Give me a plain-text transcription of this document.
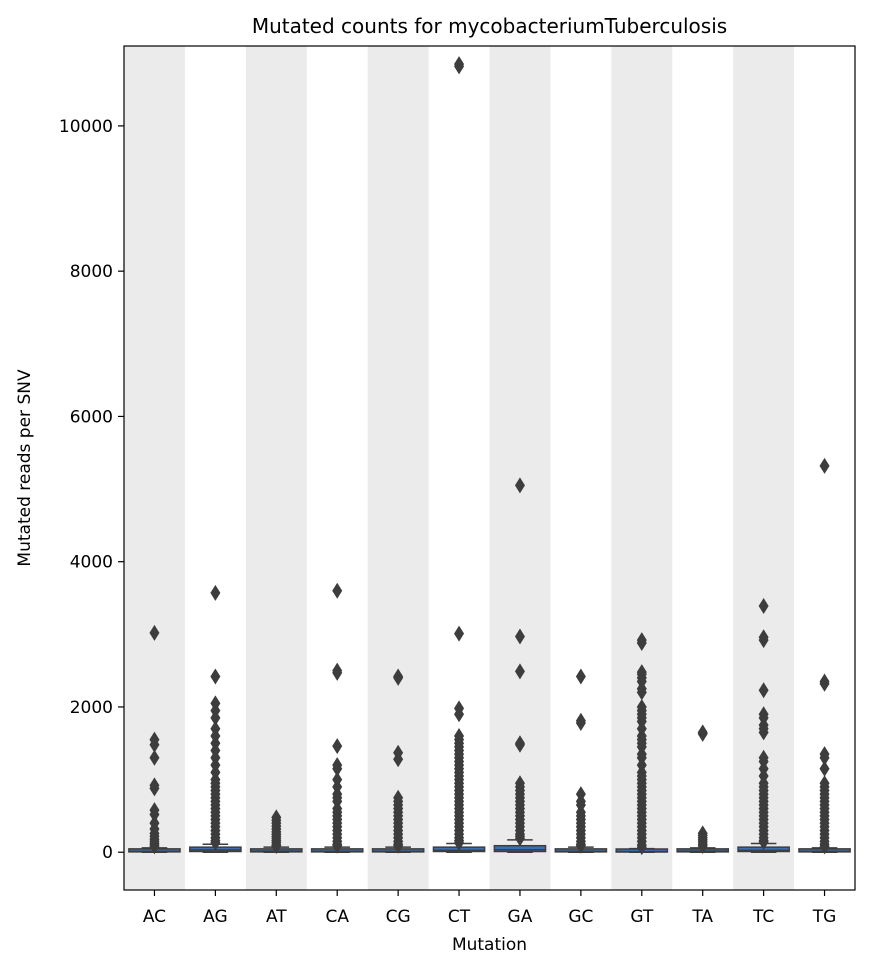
0
2000
4000
6000
8000
10000
AC AG AT CA CG CT GA GC GT TA TC TG
Mutated counts for mycobacteriumTuberculosis
Mutation
Mutated reads per SNV
